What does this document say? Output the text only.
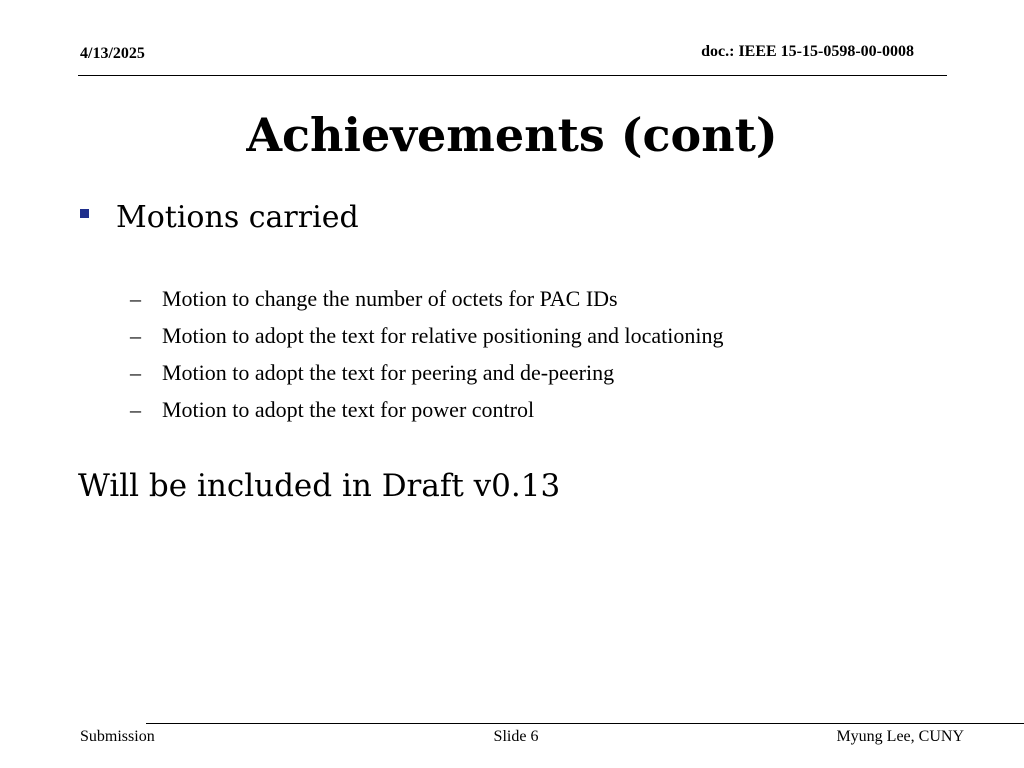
4/13/2025	doc.: IEEE 15-15-0598-00-0008
Achievements (cont)
Motions carried
– Motion to change the number of octets for PAC IDs
– Motion to adopt the text for relative positioning and locationing
– Motion to adopt the text for peering and de-peering
– Motion to adopt the text for power control
Will be included in Draft v0.13
Submission	Slide 6	Myung Lee, CUNY
